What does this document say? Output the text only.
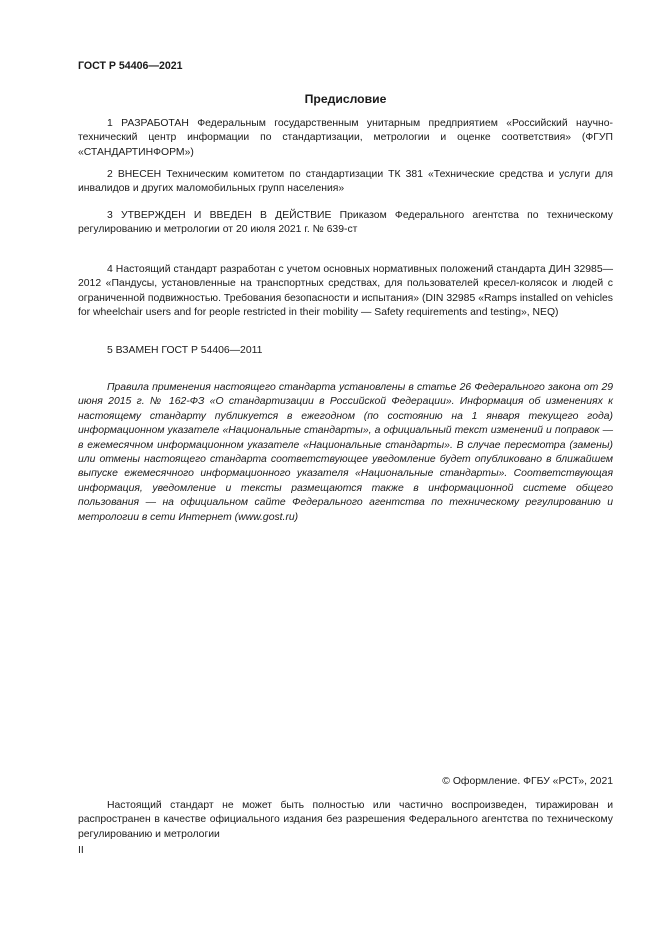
ГОСТ Р 54406—2021
Предисловие

1 РАЗРАБОТАН Федеральным государственным унитарным предприятием «Российский научно-технический центр информации по стандартизации, метрологии и оценке соответствия» (ФГУП «СТАНДАРТИНФОРМ»)

2 ВНЕСЕН Техническим комитетом по стандартизации ТК 381 «Технические средства и услуги для инвалидов и других маломобильных групп населения»

3 УТВЕРЖДЕН И ВВЕДЕН В ДЕЙСТВИЕ Приказом Федерального агентства по техническому регулированию и метрологии от 20 июля 2021 г. № 639-ст

4 Настоящий стандарт разработан с учетом основных нормативных положений стандарта ДИН 32985—2012 «Пандусы, установленные на транспортных средствах, для пользователей кресел-колясок и людей с ограниченной подвижностью. Требования безопасности и испытания» (DIN 32985 «Ramps installed on vehicles for wheelchair users and for people restricted in their mobility — Safety requirements and testing», NEQ)

5 ВЗАМЕН ГОСТ Р 54406—2011

Правила применения настоящего стандарта установлены в статье 26 Федерального закона от 29 июня 2015 г. № 162-ФЗ «О стандартизации в Российской Федерации». Информация об изменениях к настоящему стандарту публикуется в ежегодном (по состоянию на 1 января текущего года) информационном указателе «Национальные стандарты», а официальный текст изменений и поправок — в ежемесячном информационном указателе «Национальные стандарты». В случае пересмотра (замены) или отмены настоящего стандарта соответствующее уведомление будет опубликовано в ближайшем выпуске ежемесячного информационного указателя «Национальные стандарты». Соответствующая информация, уведомление и тексты размещаются также в информационной системе общего пользования — на официальном сайте Федерального агентства по техническому регулированию и метрологии в сети Интернет (www.gost.ru)

© Оформление. ФГБУ «РСТ», 2021

Настоящий стандарт не может быть полностью или частично воспроизведен, тиражирован и распространен в качестве официального издания без разрешения Федерального агентства по техническому регулированию и метрологии

II
